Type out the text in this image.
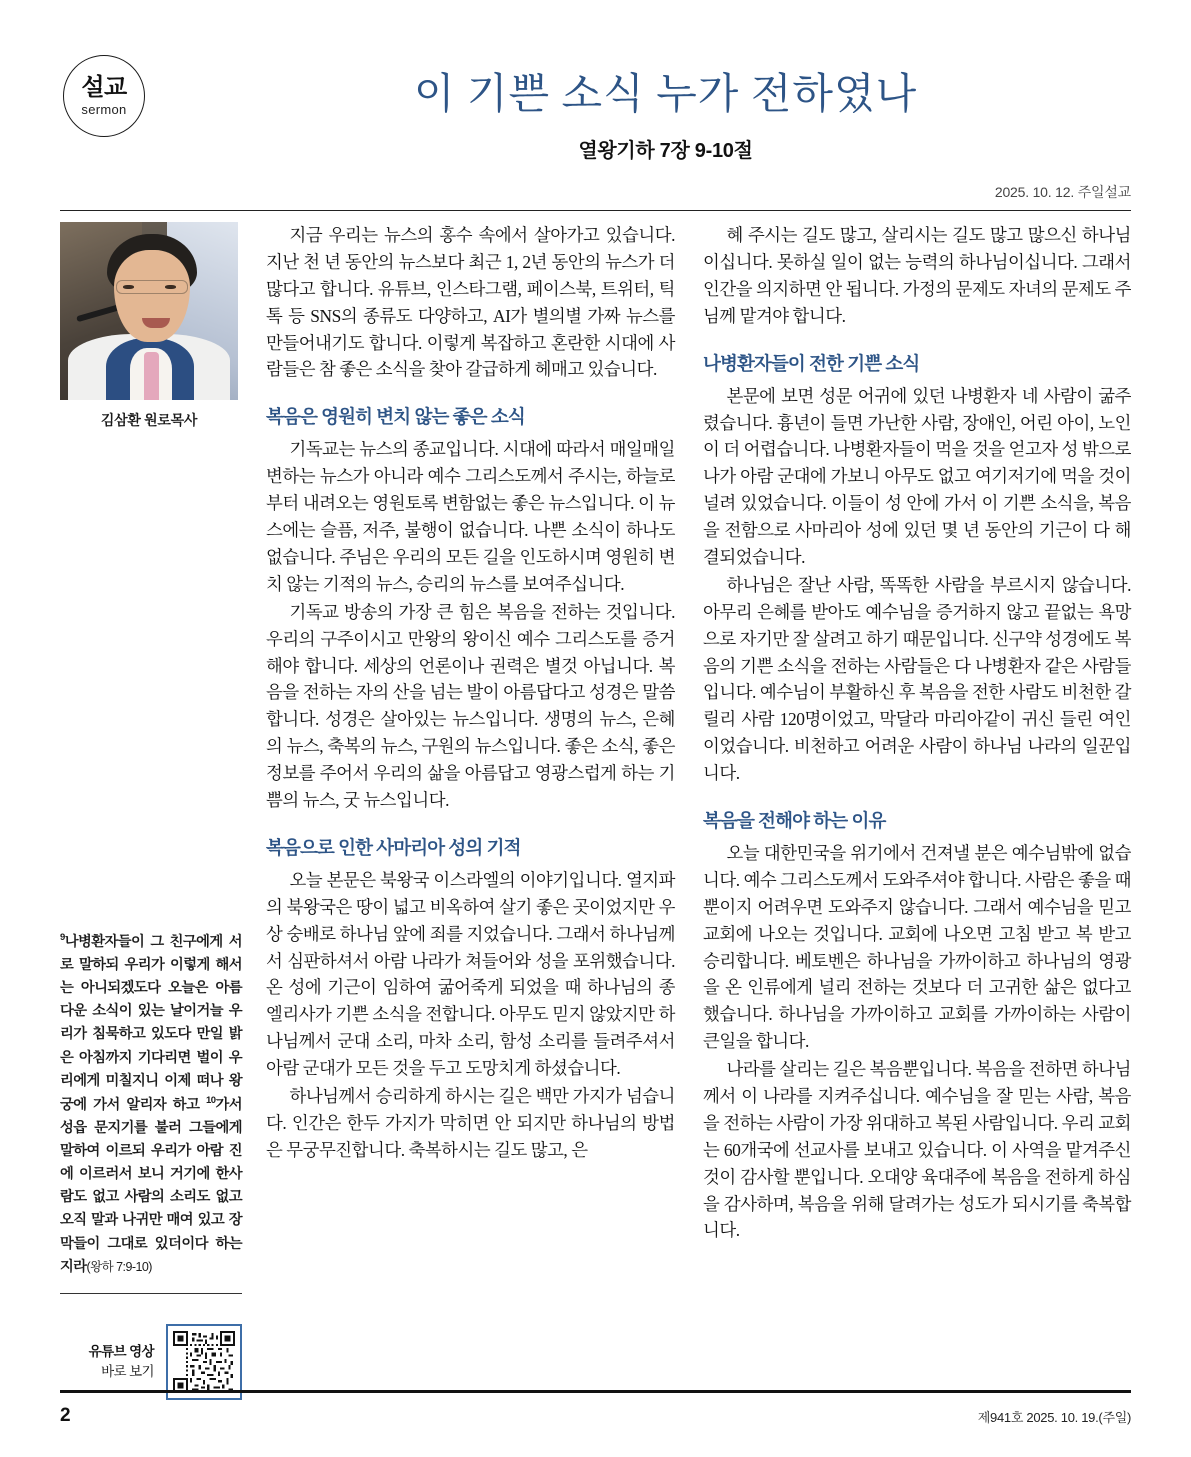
설교
sermon	이 기쁜 소식 누가 전하였나
열왕기하 7장 9-10절
2025. 10. 12. 주일설교
김삼환 원로목사
$^9$나병환자들이 그 친구에게 서로 말하되 우리가 이렇게 해서는 아니되겠도다 오늘은 아름다운 소식이 있는 날이거늘 우리가 침묵하고 있도다 만일 밝은 아침까지 기다리면 벌이 우리에게 미칠지니 이제 떠나 왕궁에 가서 알리자 하고 $^{10}$가서 성읍 문지기를 불러 그들에게 말하여 이르되 우리가 아람 진에 이르러서 보니 거기에 한사람도 없고 사람의 소리도 없고 오직 말과 나귀만 매여 있고 장막들이 그대로 있더이다 하는지라(왕하 7:9-10)
유튜브 영상
바로 보기

지금 우리는 뉴스의 홍수 속에서 살아가고 있습니다. 지난 천 년 동안의 뉴스보다 최근 1, 2년 동안의 뉴스가 더 많다고 합니다. 유튜브, 인스타그램, 페이스북, 트위터, 틱톡 등 SNS의 종류도 다양하고, AI가 별의별 가짜 뉴스를 만들어내기도 합니다. 이렇게 복잡하고 혼란한 시대에 사람들은 참 좋은 소식을 찾아 갈급하게 헤매고 있습니다.

복음은 영원히 변치 않는 좋은 소식

기독교는 뉴스의 종교입니다. 시대에 따라서 매일매일 변하는 뉴스가 아니라 예수 그리스도께서 주시는, 하늘로부터 내려오는 영원토록 변함없는 좋은 뉴스입니다. 이 뉴스에는 슬픔, 저주, 불행이 없습니다. 나쁜 소식이 하나도 없습니다. 주님은 우리의 모든 길을 인도하시며 영원히 변치 않는 기적의 뉴스, 승리의 뉴스를 보여주십니다.

기독교 방송의 가장 큰 힘은 복음을 전하는 것입니다. 우리의 구주이시고 만왕의 왕이신 예수 그리스도를 증거해야 합니다. 세상의 언론이나 권력은 별것 아닙니다. 복음을 전하는 자의 산을 넘는 발이 아름답다고 성경은 말씀합니다. 성경은 살아있는 뉴스입니다. 생명의 뉴스, 은혜의 뉴스, 축복의 뉴스, 구원의 뉴스입니다. 좋은 소식, 좋은 정보를 주어서 우리의 삶을 아름답고 영광스럽게 하는 기쁨의 뉴스, 굿 뉴스입니다.

복음으로 인한 사마리아 성의 기적

오늘 본문은 북왕국 이스라엘의 이야기입니다. 열지파의 북왕국은 땅이 넓고 비옥하여 살기 좋은 곳이었지만 우상 숭배로 하나님 앞에 죄를 지었습니다. 그래서 하나님께서 심판하셔서 아람 나라가 쳐들어와 성을 포위했습니다. 온 성에 기근이 임하여 굶어죽게 되었을 때 하나님의 종 엘리사가 기쁜 소식을 전합니다. 아무도 믿지 않았지만 하나님께서 군대 소리, 마차 소리, 함성 소리를 들려주셔서 아람 군대가 모든 것을 두고 도망치게 하셨습니다.

하나님께서 승리하게 하시는 길은 백만 가지가 넘습니다. 인간은 한두 가지가 막히면 안 되지만 하나님의 방법은 무궁무진합니다. 축복하시는 길도 많고, 은

혜 주시는 길도 많고, 살리시는 길도 많고 많으신 하나님이십니다. 못하실 일이 없는 능력의 하나님이십니다. 그래서 인간을 의지하면 안 됩니다. 가정의 문제도 자녀의 문제도 주님께 맡겨야 합니다.

나병환자들이 전한 기쁜 소식

본문에 보면 성문 어귀에 있던 나병환자 네 사람이 굶주렸습니다. 흉년이 들면 가난한 사람, 장애인, 어린 아이, 노인이 더 어렵습니다. 나병환자들이 먹을 것을 얻고자 성 밖으로 나가 아람 군대에 가보니 아무도 없고 여기저기에 먹을 것이 널려 있었습니다. 이들이 성 안에 가서 이 기쁜 소식을, 복음을 전함으로 사마리아 성에 있던 몇 년 동안의 기근이 다 해결되었습니다.

하나님은 잘난 사람, 똑똑한 사람을 부르시지 않습니다. 아무리 은혜를 받아도 예수님을 증거하지 않고 끝없는 욕망으로 자기만 잘 살려고 하기 때문입니다. 신구약 성경에도 복음의 기쁜 소식을 전하는 사람들은 다 나병환자 같은 사람들입니다. 예수님이 부활하신 후 복음을 전한 사람도 비천한 갈릴리 사람 120명이었고, 막달라 마리아같이 귀신 들린 여인이었습니다. 비천하고 어려운 사람이 하나님 나라의 일꾼입니다.

복음을 전해야 하는 이유

오늘 대한민국을 위기에서 건져낼 분은 예수님밖에 없습니다. 예수 그리스도께서 도와주셔야 합니다. 사람은 좋을 때뿐이지 어려우면 도와주지 않습니다. 그래서 예수님을 믿고 교회에 나오는 것입니다. 교회에 나오면 고침 받고 복 받고 승리합니다. 베토벤은 하나님을 가까이하고 하나님의 영광을 온 인류에게 널리 전하는 것보다 더 고귀한 삶은 없다고 했습니다. 하나님을 가까이하고 교회를 가까이하는 사람이 큰일을 합니다.

나라를 살리는 길은 복음뿐입니다. 복음을 전하면 하나님께서 이 나라를 지켜주십니다. 예수님을 잘 믿는 사람, 복음을 전하는 사람이 가장 위대하고 복된 사람입니다. 우리 교회는 60개국에 선교사를 보내고 있습니다. 이 사역을 맡겨주신 것이 감사할 뿐입니다. 오대양 육대주에 복음을 전하게 하심을 감사하며, 복음을 위해 달려가는 성도가 되시기를 축복합니다.

2	제941호 2025. 10. 19.(주일)
